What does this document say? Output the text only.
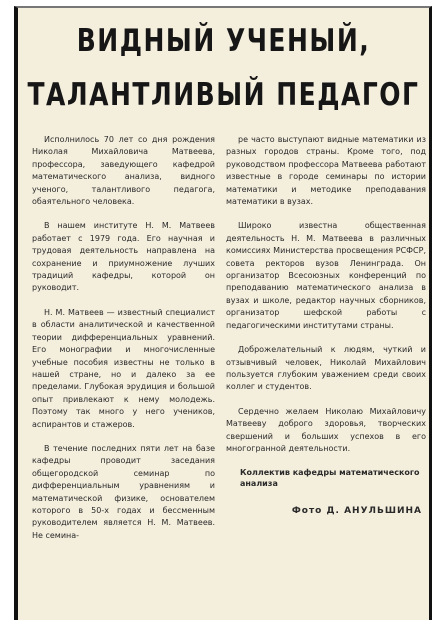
ВИДНЫЙ УЧЕНЫЙ,
ТАЛАНТЛИВЫЙ ПЕДАГОГ

Исполнилось 70 лет со дня рождения Николая Михайловича Матвеева, профессора, заведующего кафедрой математического анализа, видного ученого, талантливого педагога, обаятельного человека.

В нашем институте Н. М. Матвеев работает с 1979 года. Его научная и трудовая деятельность направлена на сохранение и приумножение лучших традиций кафедры, которой он руководит.

Н. М. Матвеев — известный специалист в области аналитической и качественной теории дифференциальных уравнений. Его монографии и многочисленные учебные пособия известны не только в нашей стране, но и далеко за ее пределами. Глубокая эрудиция и большой опыт привлекают к нему молодежь. Поэтому так много у него учеников, аспирантов и стажеров.

В течение последних пяти лет на базе кафедры проводит заседания общегородской семинар по дифференциальным уравнениям и математической физике, основателем которого в 50-х годах и бессменным руководителем является Н. М. Матвеев. Не семина-

ре часто выступают видные математики из разных городов страны. Кроме того, под руководством профессора Матвеева работают известные в городе семинары по истории математики и методике преподавания математики в вузах.

Широко известна общественная деятельность Н. М. Матвеева в различных комиссиях Министерства просвещения РСФСР, совета ректоров вузов Ленинграда. Он организатор Всесоюзных конференций по преподаванию математического анализа в вузах и школе, редактор научных сборников, организатор шефской работы с педагогическими институтами страны.

Доброжелательный к людям, чуткий и отзывчивый человек, Николай Михайлович пользуется глубоким уважением среди своих коллег и студентов.

Сердечно желаем Николаю Михайловичу Матвееву доброго здоровья, творческих свершений и больших успехов в его многогранной деятельности.

Коллектив кафедры математического анализа
Фото Д. АНУЛЬШИНА
